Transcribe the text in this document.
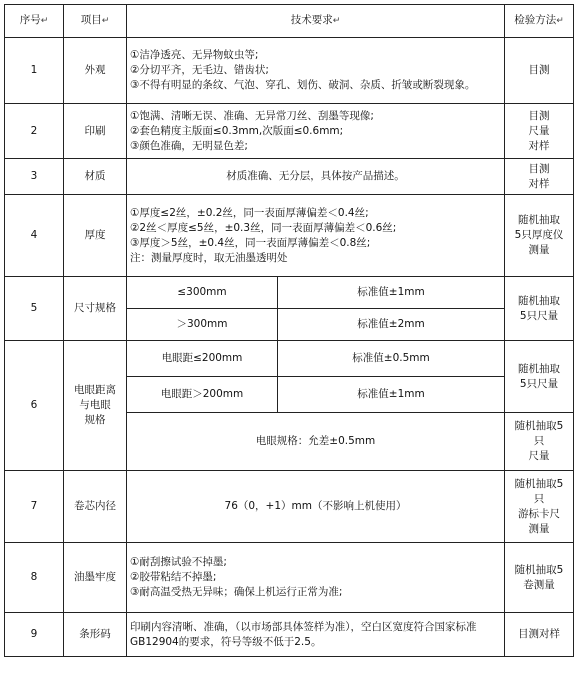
序号↵	项目↵	技术要求↵		检验方法↵
1	外观	①洁净透亮、无异物蚊虫等;
②分切平齐，无毛边、错齿状;
③不得有明显的条纹、气泡、穿孔、划伤、破洞、杂质、折皱或断裂现象。		目测
2	印刷	①饱满、清晰无误、准确、无异常刀丝、刮墨等现像;
②套色精度主版面≤0.3mm,次版面≤0.6mm;
③颜色准确，无明显色差;		目测
尺量
对样

3	材质	材质准确、无分层，具体按产品描述。		目测
对样

4	厚度	①厚度≤2丝，±0.2丝，同一表面厚薄偏差＜0.4丝;
②2丝＜厚度≤5丝，±0.3丝，同一表面厚薄偏差＜0.6丝;
③厚度＞5丝，±0.4丝，同一表面厚薄偏差＜0.8丝;
注：测量厚度时，取无油墨透明处		随机抽取
5只厚度仪
测量

5	尺寸规格	≤300mm	标准值±1mm	随机抽取
5只尺量

		＞300mm	标准值±2mm	
6	电眼距离
与电眼
规格	电眼距≤200mm	标准值±0.5mm	随机抽取
5只尺量

		电眼距＞200mm	标准值±1mm	
		电眼规格：允差±0.5mm		随机抽取5
只
尺量

7	卷芯内径	76（0，+1）mm（不影响上机使用）		随机抽取5
只
游标卡尺
测量

8	油墨牢度	①耐刮擦试验不掉墨;
②胶带粘结不掉墨;
③耐高温受热无异味；确保上机运行正常为准;		随机抽取5
卷测量

9	条形码	印刷内容清晰、准确，（以市场部具体签样为准），空白区宽度符合国家标准GB12904的要求，符号等级不低于2.5。		目测对样
